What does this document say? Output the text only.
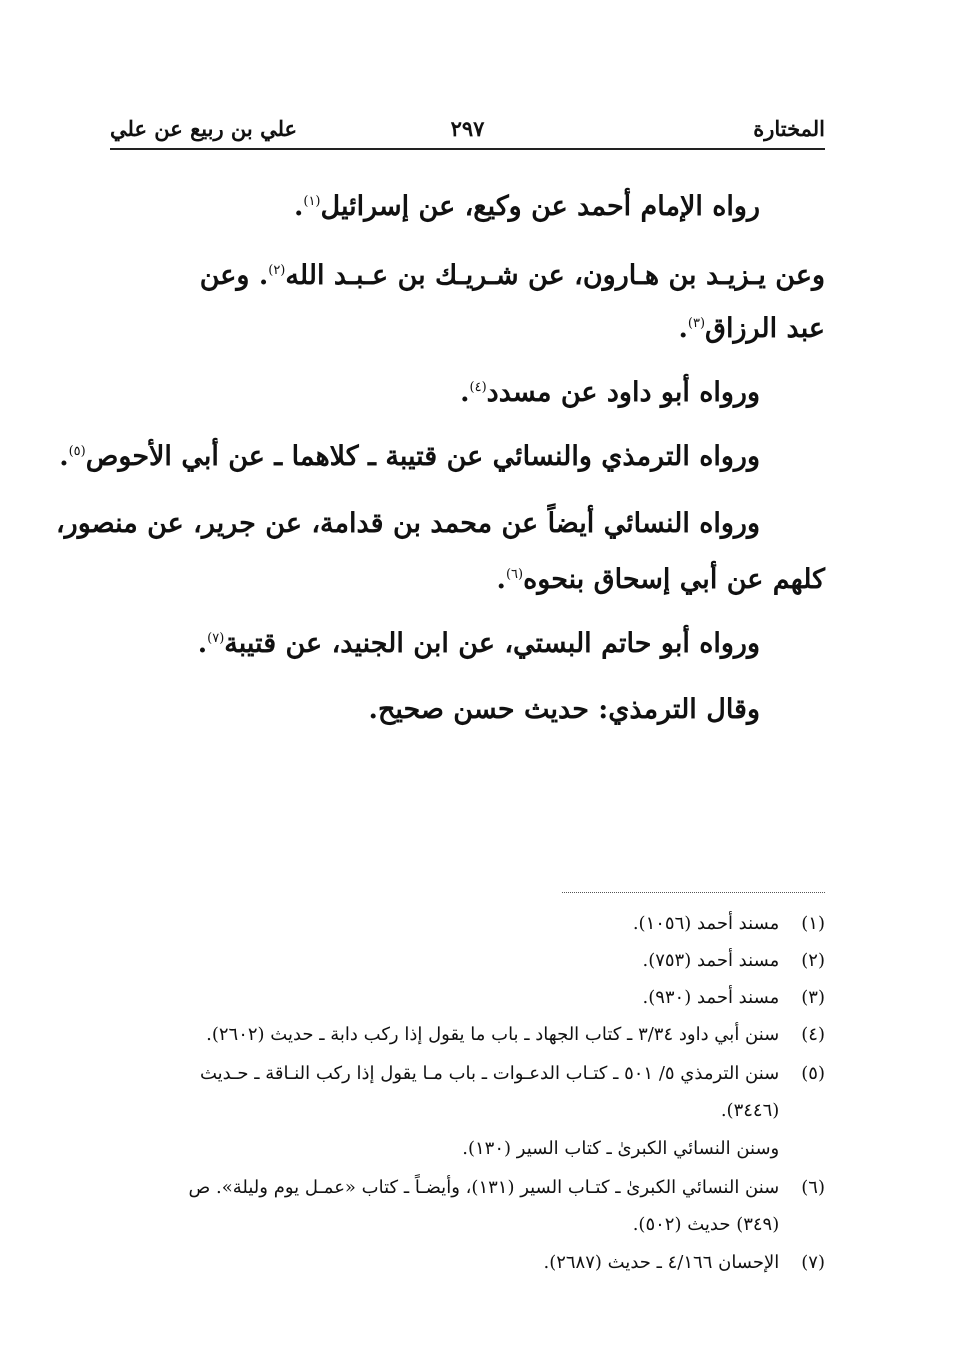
المختارة
٢٩٧
علي بن ربيع عن علي
رواه الإمام أحمد عن وكيع، عن إسرائيل$^{(١)}$.
وعن يـزيـد بن هـارون، عن شـريـك بن عـبـد الله$^{(٢)}$. وعن
عبد الرزاق$^{(٣)}$.
ورواه أبو داود عن مسدد$^{(٤)}$.
ورواه الترمذي والنسائي عن قتيبة ـ كلاهما ـ عن أبي الأحوص$^{(٥)}$.
ورواه النسائي أيضاً عن محمد بن قدامة، عن جرير، عن منصور،
كلهم عن أبي إسحاق بنحوه$^{(٦)}$.
ورواه أبو حاتم البستي، عن ابن الجنيد، عن قتيبة$^{(٧)}$.
وقال الترمذي: حديث حسن صحيح.
(١) مسند أحمد (١٠٥٦).
(٢) مسند أحمد (٧٥٣).
(٣) مسند أحمد (٩٣٠).
(٤) سنن أبي داود ٣/٣٤ ـ كتاب الجهاد ـ باب ما يقول إذا ركب دابة ـ حديث (٢٦٠٢).
(٥) سنن الترمذي ٥/ ٥٠١ ـ كتـاب الدعـوات ـ باب مـا يقول إذا ركب النـاقة ـ حـديث
(٣٤٤٦).
وسنن النسائي الكبرىٰ ـ كتاب السير (١٣٠).
(٦) سنن النسائي الكبرىٰ ـ كتـاب السير (١٣١)، وأيضـاً ـ كتاب «عمـل يوم وليلة». ص
(٣٤٩) حديث (٥٠٢).
(٧) الإحسان ٤/١٦٦ ـ حديث (٢٦٨٧).
